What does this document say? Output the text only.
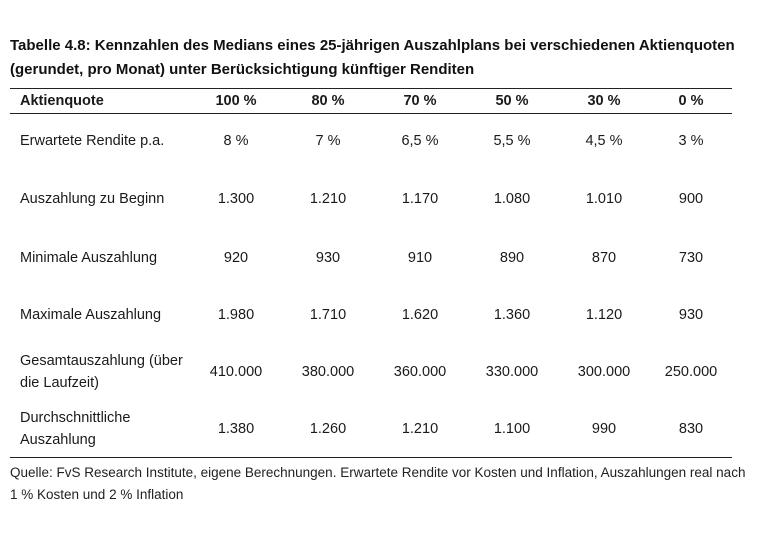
Tabelle 4.8: Kennzahlen des Medians eines 25-jährigen Auszahlplans bei verschiedenen Aktienquoten (gerundet, pro Monat) unter Berücksichtigung künftiger Renditen
Aktienquote	100 %	80 %	70 %	50 %	30 %	0 %
Erwartete Rendite p.a.	8 %	7 %	6,5 %	5,5 %	4,5 %	3 %
Auszahlung zu Beginn	1.300	1.210	1.170	1.080	1.010	900
Minimale Auszahlung	920	930	910	890	870	730
Maximale Auszahlung	1.980	1.710	1.620	1.360	1.120	930
Gesamtauszahlung (über die Laufzeit)	410.000	380.000	360.000	330.000	300.000	250.000
Durchschnittliche Auszahlung	1.380	1.260	1.210	1.100	990	830
Quelle: FvS Research Institute, eigene Berechnungen. Erwartete Rendite vor Kosten und Inflation, Auszahlungen real nach 1 % Kosten und 2 % Inflation
